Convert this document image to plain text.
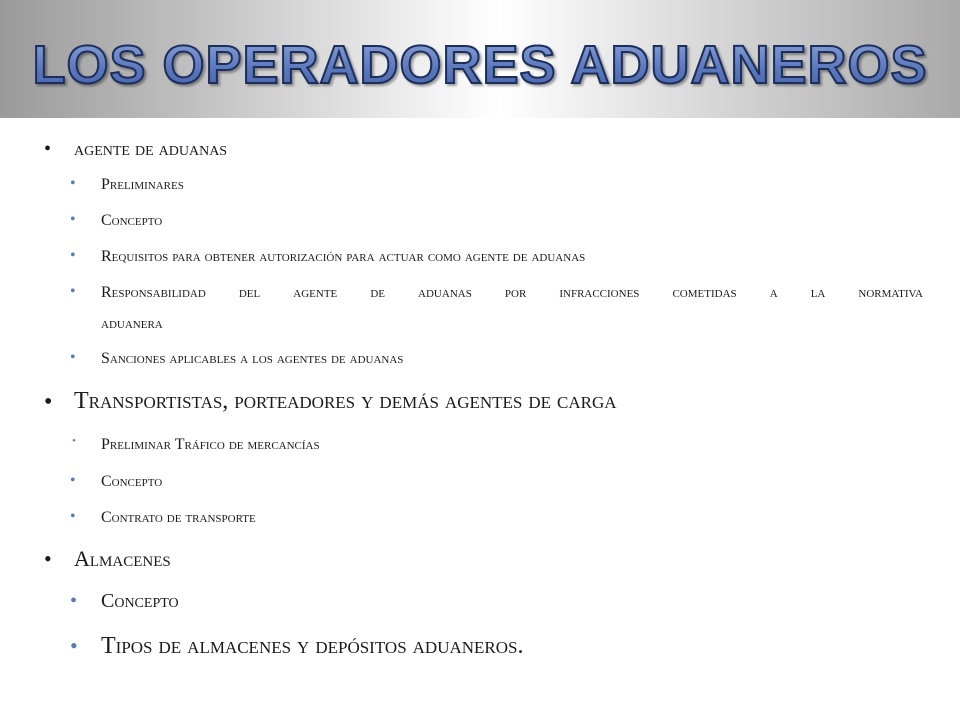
LOS OPERADORES ADUANEROS
• agente de aduanas
• Preliminares
• Concepto
• Requisitos para obtener autorización para actuar como agente de aduanas
• Responsabilidad del agente de aduanas por infracciones cometidas a la normativa
aduanera
• Sanciones aplicables a los agentes de aduanas
• Transportistas, porteadores y demás agentes de carga
• Preliminar Tráfico de mercancías
• Concepto
• Contrato de transporte
• Almacenes
• Concepto
• Tipos de almacenes y depósitos aduaneros.
